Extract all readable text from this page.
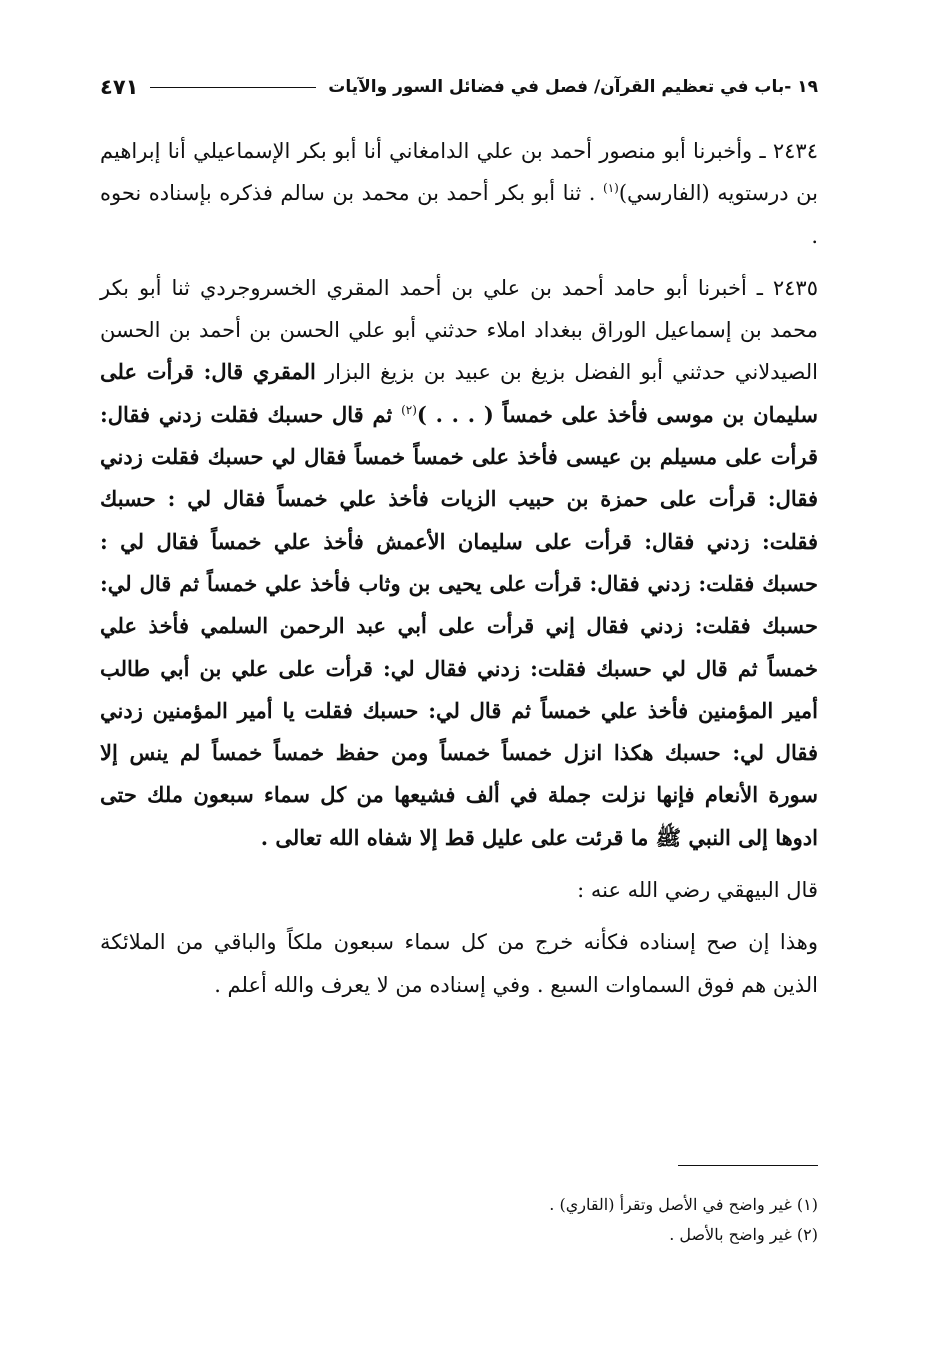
١٩ -باب في تعظيم القرآن/ فصل في فضائل السور والآيات
٤٧١

٢٤٣٤ ـ وأخبرنا أبو منصور أحمد بن علي الدامغاني أنا أبو بكر الإسماعيلي أنا إبراهيم بن درستويه (الفارسي)$^{(١)}$ . ثنا أبو بكر أحمد بن محمد بن سالم فذكره بإسناده نحوه .

٢٤٣٥ ـ أخبرنا أبو حامد أحمد بن علي بن أحمد المقري الخسروجردي ثنا أبو بكر محمد بن إسماعيل الوراق ببغداد املاء حدثني أبو علي الحسن بن أحمد بن الحسن الصيدلاني حدثني أبو الفضل بزيغ بن عبيد بن بزيغ البزار المقري قال: قرأت على سليمان بن موسى فأخذ على خمساً ( . . . )$^{(٢)}$ ثم قال حسبك فقلت زدني فقال: قرأت على مسيلم بن عيسى فأخذ على خمساً خمساً فقال لي حسبك فقلت زدني فقال: قرأت على حمزة بن حبيب الزيات فأخذ علي خمساً فقال لي : حسبك فقلت: زدني فقال: قرأت على سليمان الأعمش فأخذ علي خمساً فقال لي : حسبك فقلت: زدني فقال: قرأت على يحيى بن وثاب فأخذ علي خمساً ثم قال لي: حسبك فقلت: زدني فقال إني قرأت على أبي عبد الرحمن السلمي فأخذ علي خمساً ثم قال لي حسبك فقلت: زدني فقال لي: قرأت على علي بن أبي طالب أمير المؤمنين فأخذ علي خمساً ثم قال لي: حسبك فقلت يا أمير المؤمنين زدني فقال لي: حسبك هكذا انزل خمساً خمساً ومن حفظ خمساً خمساً لم ينس إلا سورة الأنعام فإنها نزلت جملة في ألف فشيعها من كل سماء سبعون ملك حتى ادوها إلى النبي ﷺ ما قرئت على عليل قط إلا شفاه الله تعالى .

قال البيهقي رضي الله عنه :

وهذا إن صح إسناده فكأنه خرج من كل سماء سبعون ملكاً والباقي من الملائكة الذين هم فوق السماوات السبع . وفي إسناده من لا يعرف والله أعلم .

(١) غير واضح في الأصل وتقرأ (القاري) .

(٢) غير واضح بالأصل .
